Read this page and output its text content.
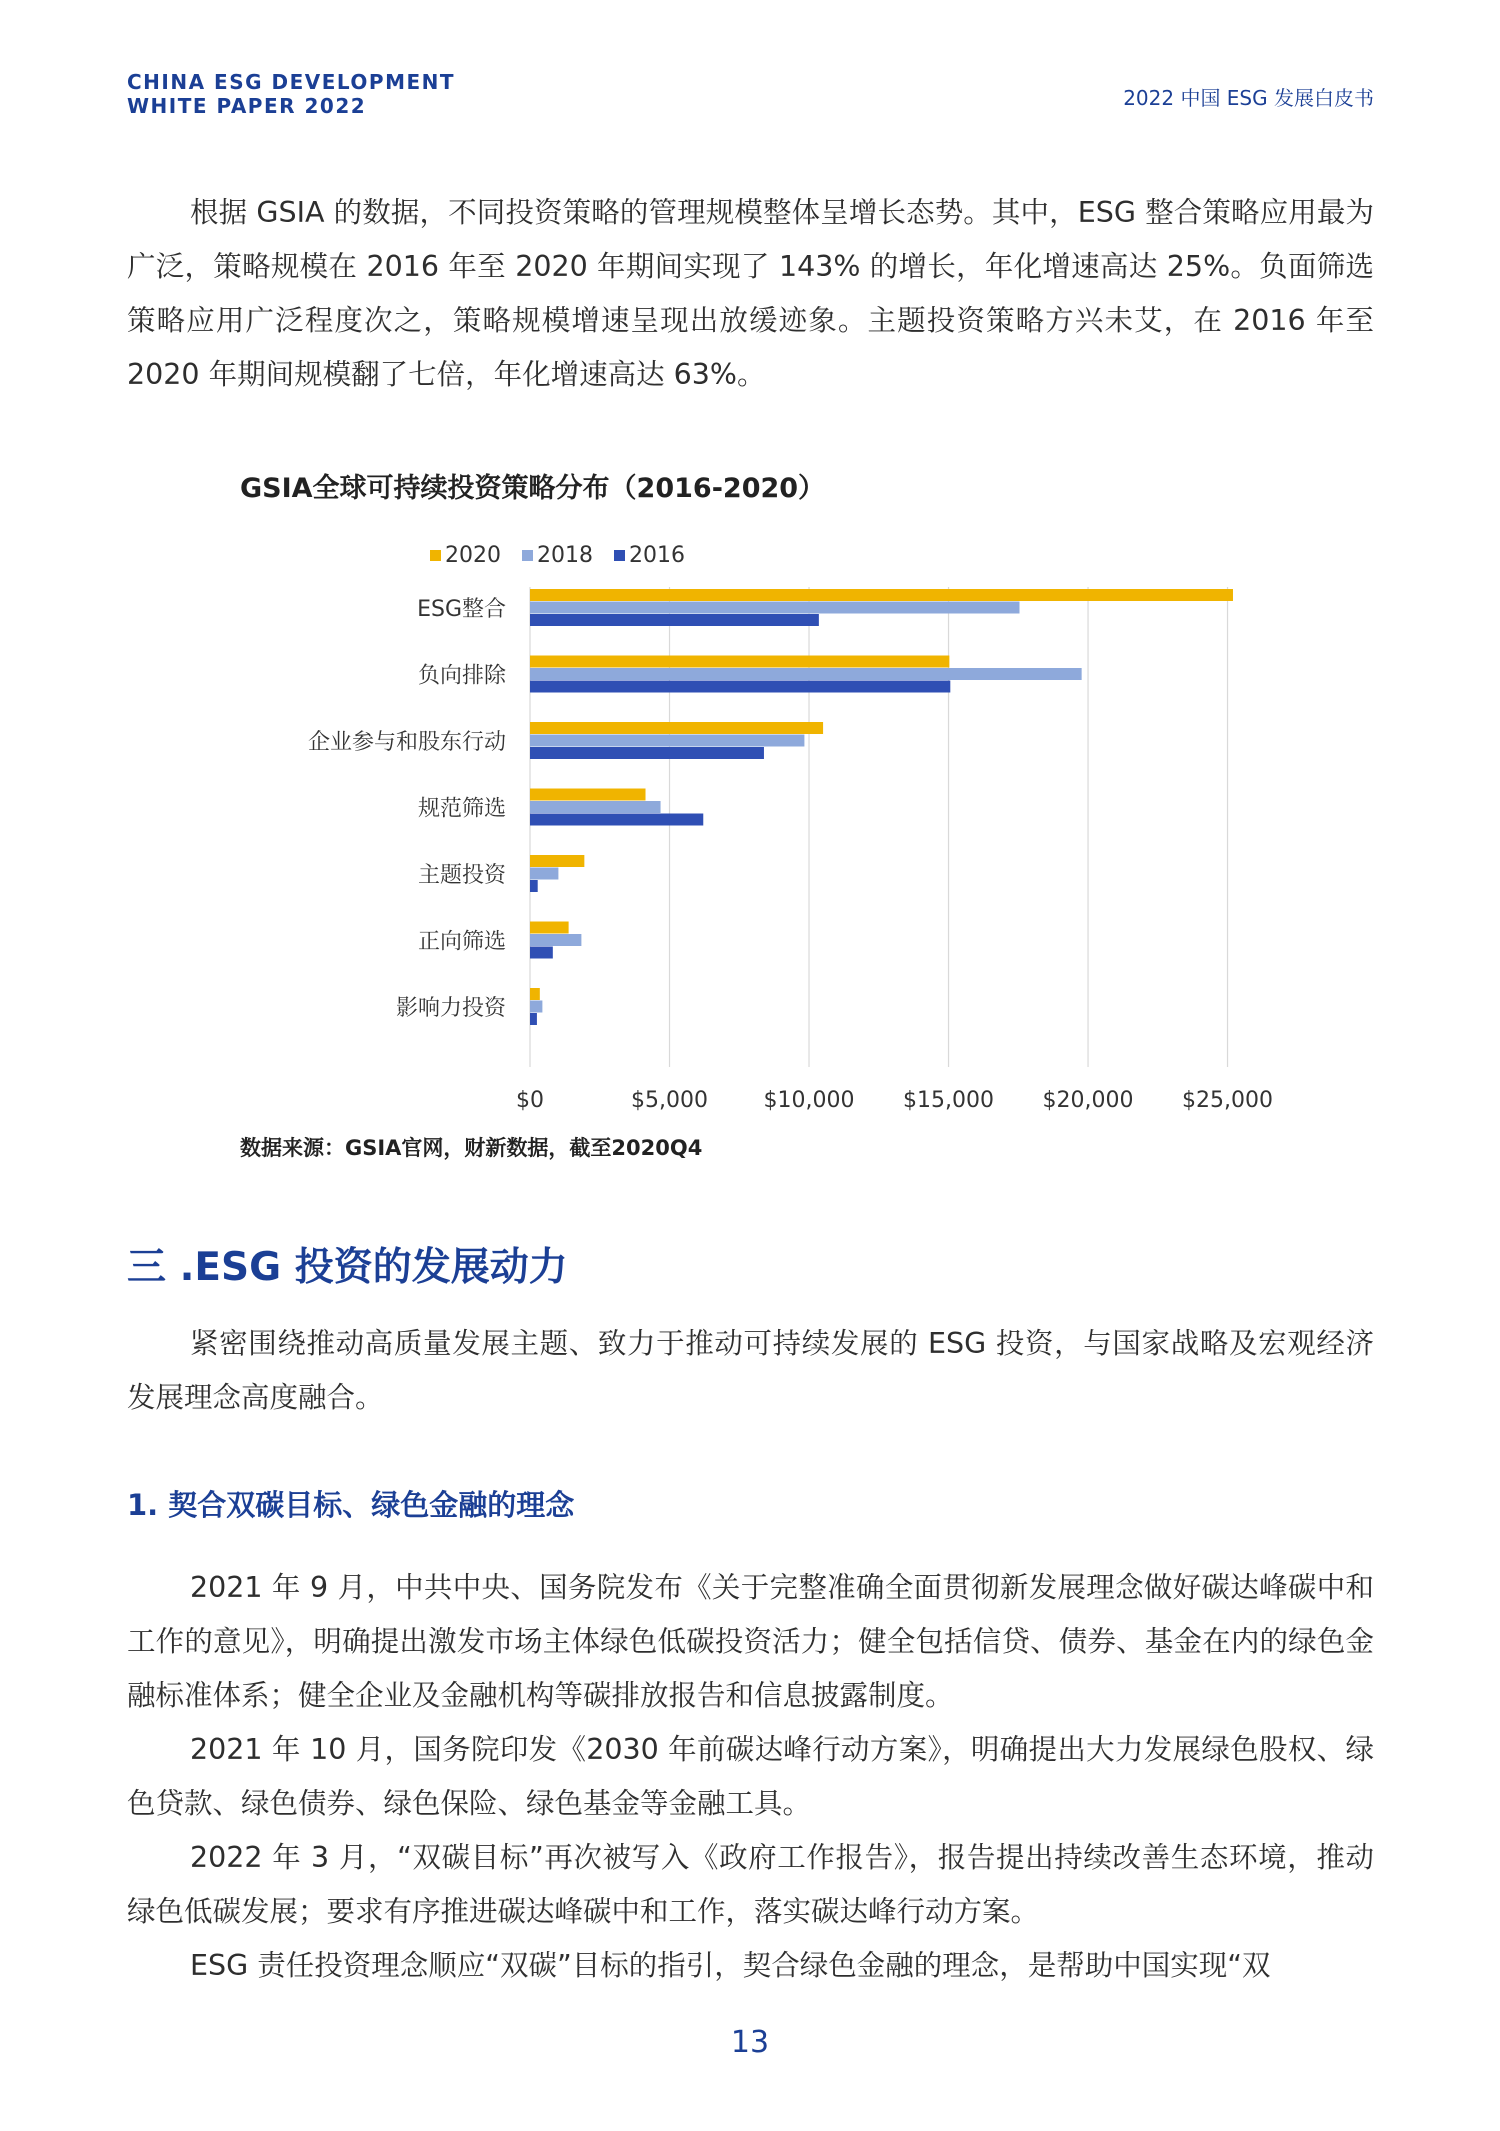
CHINA ESG DEVELOPMENT
WHITE PAPER 2022	2022 中国 ESG 发展白皮书

根据 GSIA 的数据，不同投资策略的管理规模整体呈增长态势。其中，ESG 整合策略应用最为广泛，策略规模在 2016 年至 2020 年期间实现了 143% 的增长，年化增速高达 25%。负面筛选策略应用广泛程度次之，策略规模增速呈现出放缓迹象。主题投资策略方兴未艾，在 2016 年至 2020 年期间规模翻了七倍，年化增速高达 63%。

GSIA全球可持续投资策略分布（2016-2020）
2020 2018 2016
ESG整合
负向排除
企业参与和股东行动
规范筛选
主题投资
正向筛选
影响力投资
$0	$5,000	$10,000 $15,000 $20,000 $25,000
数据来源：GSIA官网，财新数据，截至2020Q4
三 .ESG 投资的发展动力

紧密围绕推动高质量发展主题、致力于推动可持续发展的 ESG 投资，与国家战略及宏观经济发展理念高度融合。

1. 契合双碳目标、绿色金融的理念

2021 年 9 月，中共中央、国务院发布《关于完整准确全面贯彻新发展理念做好碳达峰碳中和工作的意见》，明确提出激发市场主体绿色低碳投资活力；健全包括信贷、债券、基金在内的绿色金融标准体系；健全企业及金融机构等碳排放报告和信息披露制度。

2021 年 10 月，国务院印发《2030 年前碳达峰行动方案》，明确提出大力发展绿色股权、绿色贷款、绿色债券、绿色保险、绿色基金等金融工具。

2022 年 3 月，“双碳目标”再次被写入《政府工作报告》，报告提出持续改善生态环境，推动绿色低碳发展；要求有序推进碳达峰碳中和工作，落实碳达峰行动方案。

ESG 责任投资理念顺应“双碳”目标的指引，契合绿色金融的理念，是帮助中国实现“双

13
